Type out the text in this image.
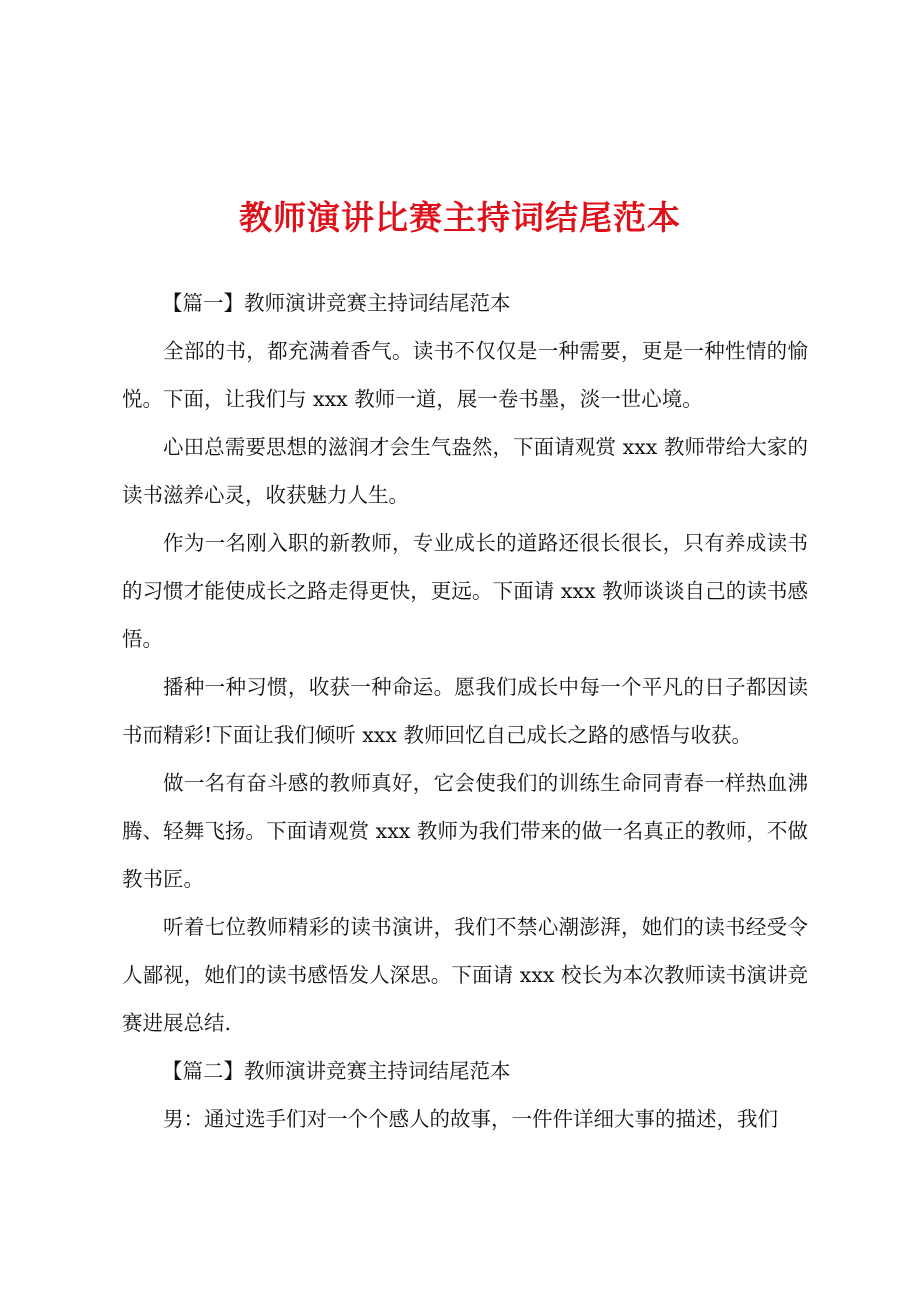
教师演讲比赛主持词结尾范本

【篇一】教师演讲竞赛主持词结尾范本

全部的书，都充满着香气。读书不仅仅是一种需要，更是一种性情的愉悦。下面，让我们与 xxx 教师一道，展一卷书墨，淡一世心境。

心田总需要思想的滋润才会生气盎然，下面请观赏 xxx 教师带给大家的读书滋养心灵，收获魅力人生。

作为一名刚入职的新教师，专业成长的道路还很长很长，只有养成读书的习惯才能使成长之路走得更快，更远。下面请 xxx 教师谈谈自己的读书感悟。

播种一种习惯，收获一种命运。愿我们成长中每一个平凡的日子都因读书而精彩!下面让我们倾听 xxx 教师回忆自己成长之路的感悟与收获。

做一名有奋斗感的教师真好，它会使我们的训练生命同青春一样热血沸腾、轻舞飞扬。下面请观赏 xxx 教师为我们带来的做一名真正的教师，不做教书匠。

听着七位教师精彩的读书演讲，我们不禁心潮澎湃，她们的读书经受令人鄙视，她们的读书感悟发人深思。下面请 xxx 校长为本次教师读书演讲竞赛进展总结.

【篇二】教师演讲竞赛主持词结尾范本

男：通过选手们对一个个感人的故事，一件件详细大事的描述，我们
